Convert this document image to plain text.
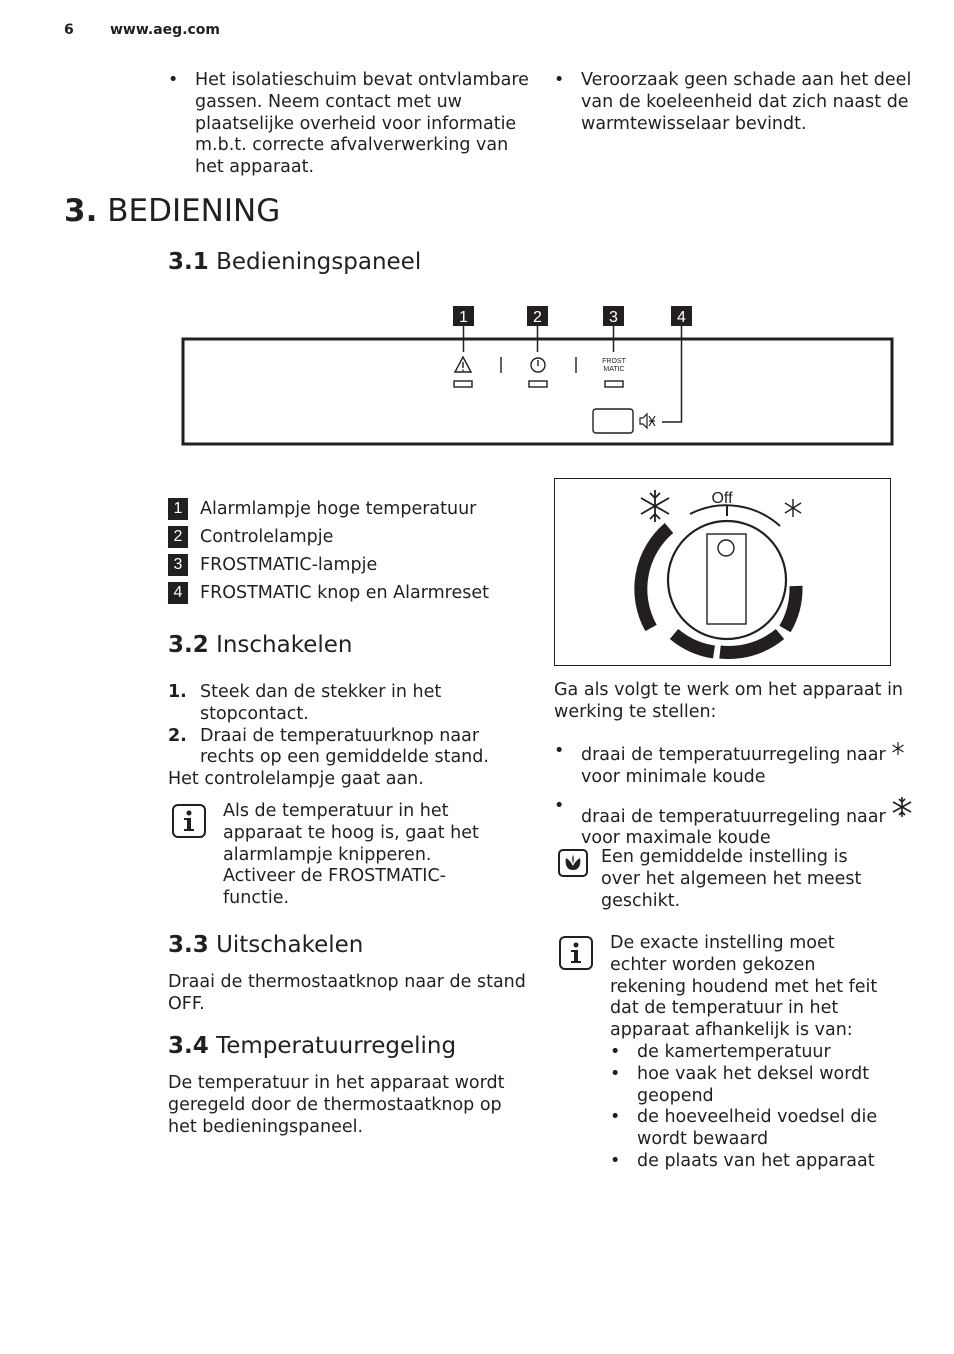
6	www.aeg.com
• Het isolatieschuim bevat ontvlambare gassen. Neem contact met uw plaatselijke overheid voor informatie m.b.t. correcte afvalverwerking van het apparaat.
• Veroorzaak geen schade aan het deel van de koeleenheid dat zich naast de warmtewisselaar bevindt.
3. BEDIENING
3.1 Bedieningspaneel
1	2	3	4
FROST
MATIC
1	Alarmlampje hoge temperatuur
2	Controlelampje
3	FROSTMATIC-lampje
4	FROSTMATIC knop en Alarmreset
Off
3.2 Inschakelen
1. Steek dan de stekker in het stopcontact.
2. Draai de temperatuurknop naar rechts op een gemiddelde stand.
Het controlelampje gaat aan.
Als de temperatuur in het apparaat te hoog is, gaat het alarmlampje knipperen. Activeer de FROSTMATIC-functie.
3.3 Uitschakelen
Draai de thermostaatknop naar de stand OFF.
3.4 Temperatuurregeling
De temperatuur in het apparaat wordt geregeld door de thermostaatknop op het bedieningspaneel.
Ga als volgt te werk om het apparaat in werking te stellen:
• draai de temperatuurregeling naar
voor minimale koude
• draai de temperatuurregeling naar
voor maximale koude
Een gemiddelde instelling is over het algemeen het meest geschikt.
De exacte instelling moet echter worden gekozen rekening houdend met het feit dat de temperatuur in het apparaat afhankelijk is van:
• de kamertemperatuur
• hoe vaak het deksel wordt geopend
• de hoeveelheid voedsel die wordt bewaard
• de plaats van het apparaat
